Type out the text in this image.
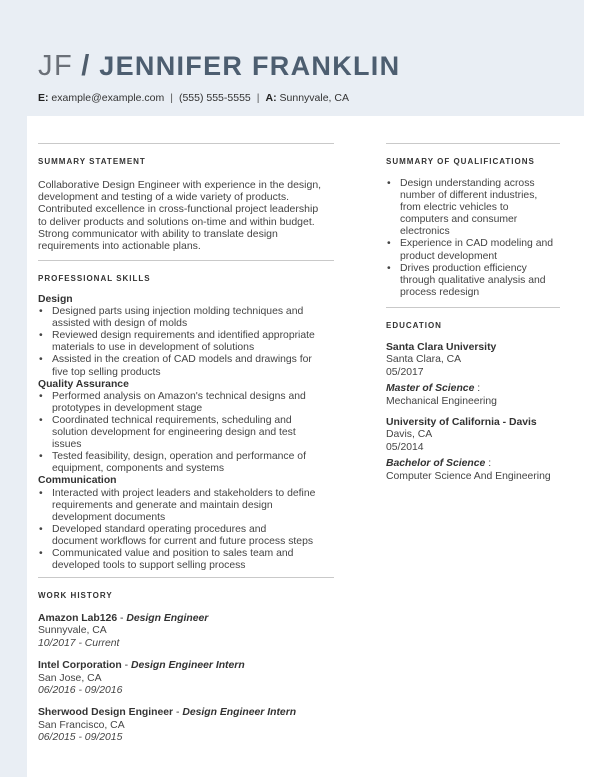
JF / JENNIFER FRANKLIN
E: example@example.com | (555) 555-5555 | A: Sunnyvale, CA
SUMMARY STATEMENT
Collaborative Design Engineer with experience in the design,
development and testing of a wide variety of products.
Contributed excellence in cross-functional project leadership
to deliver products and solutions on-time and within budget.
Strong communicator with ability to translate design
requirements into actionable plans.
PROFESSIONAL SKILLS
Design
• Designed parts using injection molding techniques and
assisted with design of molds
• Reviewed design requirements and identified appropriate
materials to use in development of solutions
• Assisted in the creation of CAD models and drawings for
five top selling products
Quality Assurance
• Performed analysis on Amazon's technical designs and
prototypes in development stage
• Coordinated technical requirements, scheduling and
solution development for engineering design and test
issues
• Tested feasibility, design, operation and performance of
equipment, components and systems
Communication
• Interacted with project leaders and stakeholders to define
requirements and generate and maintain design
development documents
• Developed standard operating procedures and
document workflows for current and future process steps
• Communicated value and position to sales team and
developed tools to support selling process
WORK HISTORY
Amazon Lab126 - Design Engineer
Sunnyvale, CA
10/2017 - Current
Intel Corporation - Design Engineer Intern
San Jose, CA
06/2016 - 09/2016
Sherwood Design Engineer - Design Engineer Intern
San Francisco, CA
06/2015 - 09/2015
SUMMARY OF QUALIFICATIONS
• Design understanding across
number of different industries,
from electric vehicles to
computers and consumer
electronics
• Experience in CAD modeling and
product development
• Drives production efficiency
through qualitative analysis and
process redesign
EDUCATION
Santa Clara University
Santa Clara, CA
05/2017
Master of Science :
Mechanical Engineering
University of California - Davis
Davis, CA
05/2014
Bachelor of Science :
Computer Science And Engineering
